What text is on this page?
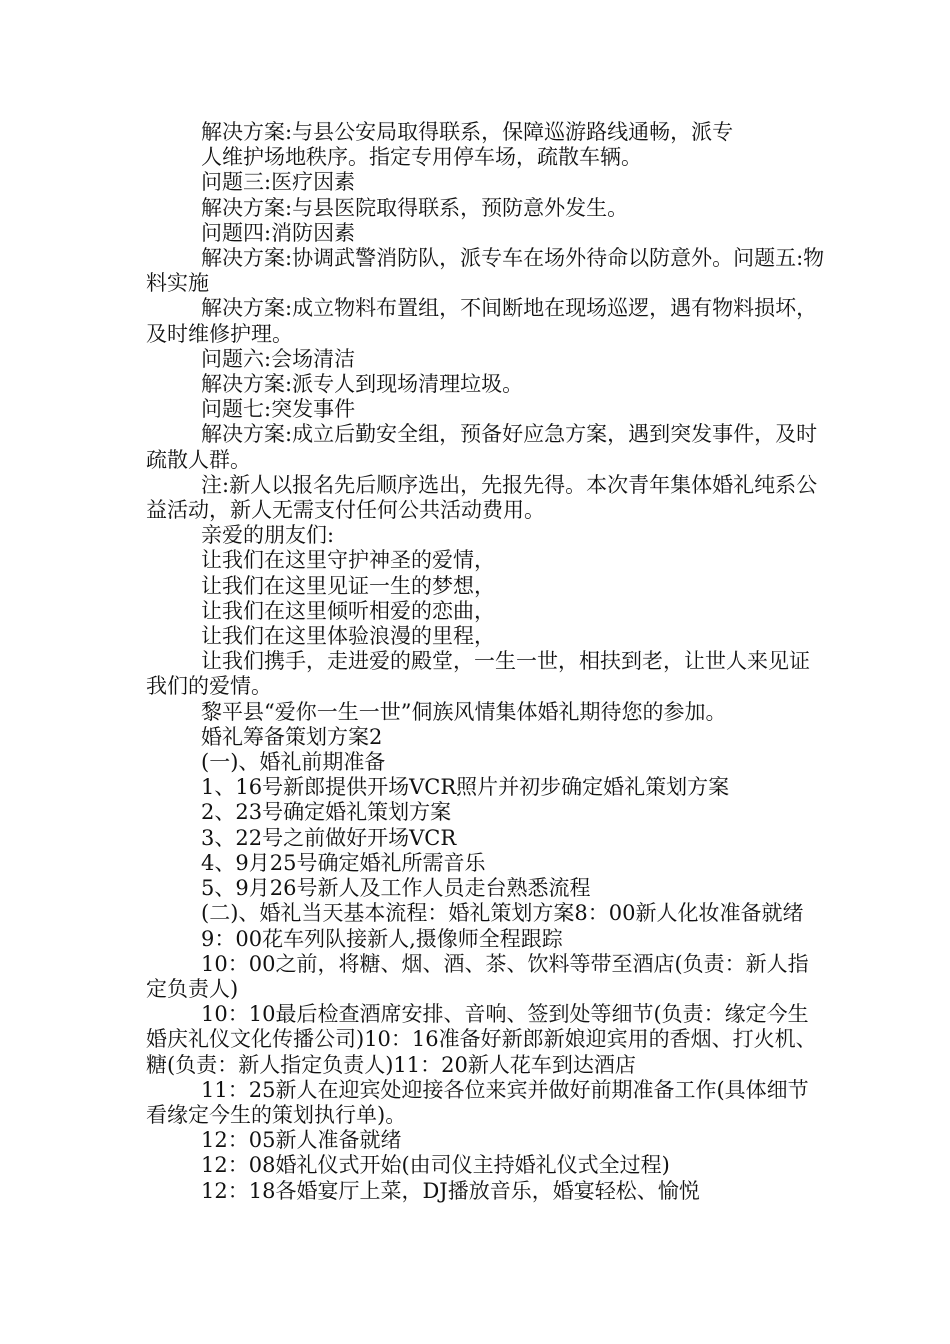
解决方案:与县公安局取得联系，保障巡游路线通畅，派专

人维护场地秩序。指定专用停车场，疏散车辆。

问题三:医疗因素

解决方案:与县医院取得联系，预防意外发生。

问题四:消防因素

解决方案:协调武警消防队，派专车在场外待命以防意外。问题五:物料实施

解决方案:成立物料布置组，不间断地在现场巡逻，遇有物料损坏，及时维修护理。

问题六:会场清洁

解决方案:派专人到现场清理垃圾。

问题七:突发事件

解决方案:成立后勤安全组，预备好应急方案，遇到突发事件，及时疏散人群。

注:新人以报名先后顺序选出，先报先得。本次青年集体婚礼纯系公益活动，新人无需支付任何公共活动费用。

亲爱的朋友们:

让我们在这里守护神圣的爱情，

让我们在这里见证一生的梦想，

让我们在这里倾听相爱的恋曲，

让我们在这里体验浪漫的里程，

让我们携手，走进爱的殿堂，一生一世，相扶到老，让世人来见证我们的爱情。

黎平县“爱你一生一世”侗族风情集体婚礼期待您的参加。

婚礼筹备策划方案2

(一)、婚礼前期准备

1、16号新郎提供开场VCR照片并初步确定婚礼策划方案

2、23号确定婚礼策划方案

3、22号之前做好开场VCR

4、9月25号确定婚礼所需音乐

5、9月26号新人及工作人员走台熟悉流程

(二)、婚礼当天基本流程：婚礼策划方案8：00新人化妆准备就绪

9：00花车列队接新人,摄像师全程跟踪

10：00之前，将糖、烟、酒、茶、饮料等带至酒店(负责：新人指定负责人)

10：10最后检查酒席安排、音响、签到处等细节(负责：缘定今生婚庆礼仪文化传播公司)10：16准备好新郎新娘迎宾用的香烟、打火机、糖(负责：新人指定负责人)11：20新人花车到达酒店

11：25新人在迎宾处迎接各位来宾并做好前期准备工作(具体细节看缘定今生的策划执行单)。

12：05新人准备就绪

12：08婚礼仪式开始(由司仪主持婚礼仪式全过程)

12：18各婚宴厅上菜，DJ播放音乐，婚宴轻松、愉悦
